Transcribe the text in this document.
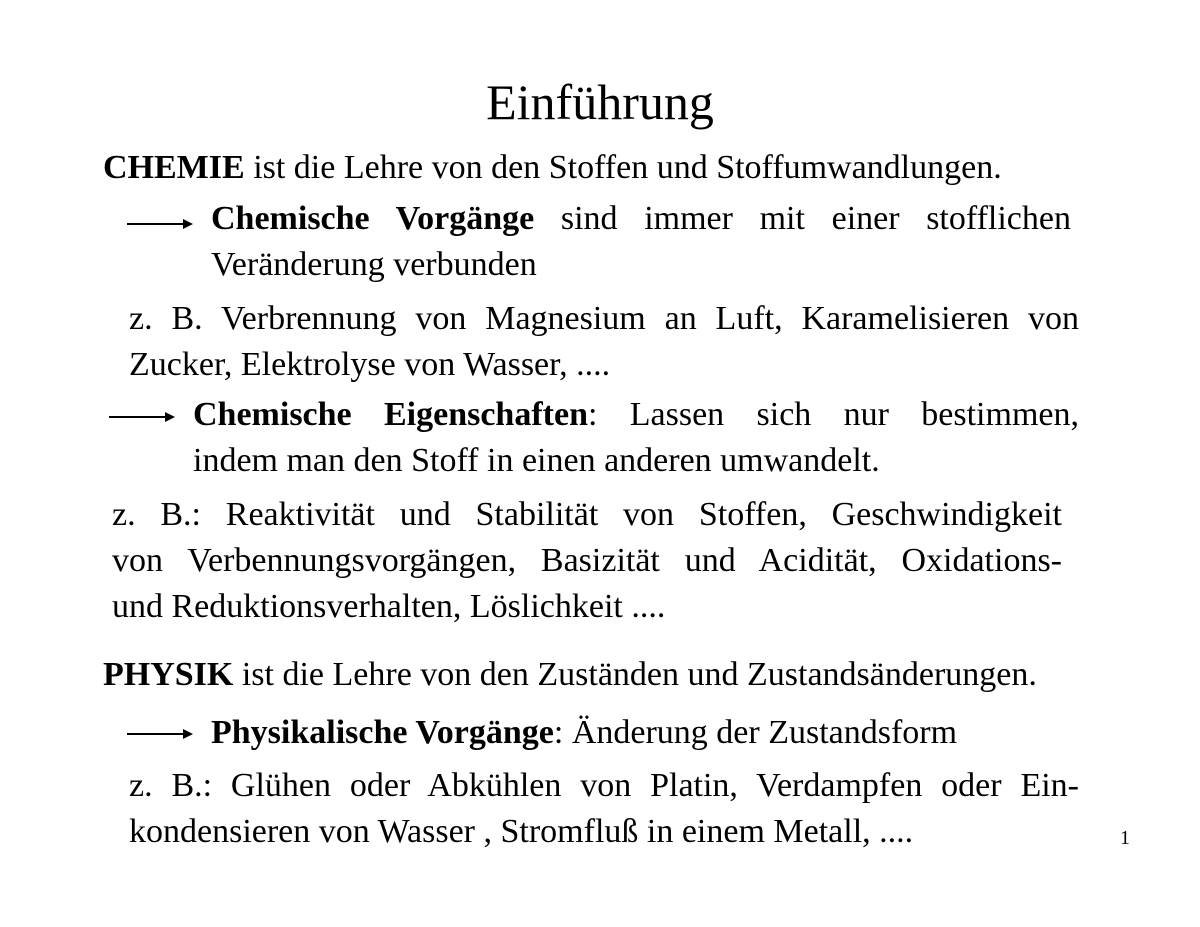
Einführung
CHEMIE ist die Lehre von den Stoffen und Stoffumwandlungen.
Chemische Vorgänge sind immer mit einer stofflichen
Veränderung verbunden
z. B. Verbrennung von Magnesium an Luft, Karamelisieren von
Zucker, Elektrolyse von Wasser, ....
Chemische Eigenschaften: Lassen sich nur bestimmen,
indem man den Stoff in einen anderen umwandelt.
z. B.: Reaktivität und Stabilität von Stoffen, Geschwindigkeit
von Verbennungsvorgängen, Basizität und Acidität, Oxidations-
und Reduktionsverhalten, Löslichkeit ....
PHYSIK ist die Lehre von den Zuständen und Zustandsänderungen.
Physikalische Vorgänge: Änderung der Zustandsform
z. B.: Glühen oder Abkühlen von Platin, Verdampfen oder Ein-
kondensieren von Wasser , Stromfluß in einem Metall, ....	1
